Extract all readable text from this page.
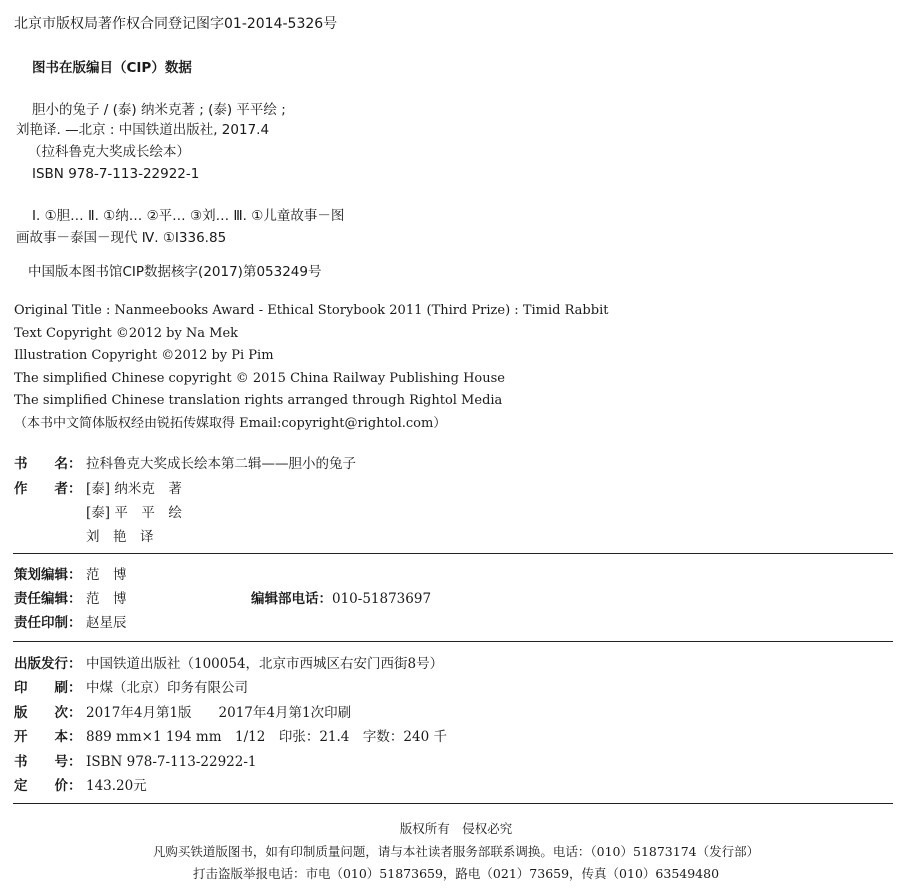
北京市版权局著作权合同登记图字01-2014-5326号
图书在版编目（CIP）数据
胆小的兔子 / (泰) 纳米克著 ; (泰) 平平绘 ;
刘艳译. —北京 : 中国铁道出版社, 2017.4
（拉科鲁克大奖成长绘本）
ISBN 978-7-113-22922-1
Ⅰ. ①胆… Ⅱ. ①纳… ②平… ③刘… Ⅲ. ①儿童故事－图
画故事－泰国－现代 Ⅳ. ①I336.85
中国版本图书馆CIP数据核字(2017)第053249号
Original Title : Nanmeebooks Award - Ethical Storybook 2011 (Third Prize) : Timid Rabbit
Text Copyright ©2012 by Na Mek
Illustration Copyright ©2012 by Pi Pim
The simplified Chinese copyright © 2015 China Railway Publishing House
The simplified Chinese translation rights arranged through Rightol Media
（本书中文简体版权经由锐拓传媒取得 Email:copyright@rightol.com）
书　　名： 拉科鲁克大奖成长绘本第二辑——胆小的兔子
作　　者： [泰] 纳米克　著
[泰] 平　平　绘
刘　艳　译
策划编辑： 范　博
责任编辑： 范　博	编辑部电话：010-51873697
责任印制： 赵星辰
出版发行： 中国铁道出版社（100054，北京市西城区右安门西街8号）
印　　刷： 中煤（北京）印务有限公司
版　　次： 2017年4月第1版　　2017年4月第1次印刷
开　　本： 889 mm×1 194 mm　1/12　印张：21.4　字数：240 千
书　　号： ISBN 978-7-113-22922-1
定　　价： 143.20元
版权所有　侵权必究
凡购买铁道版图书，如有印制质量问题，请与本社读者服务部联系调换。电话：（010）51873174（发行部）
打击盗版举报电话：市电（010）51873659，路电（021）73659，传真（010）63549480
